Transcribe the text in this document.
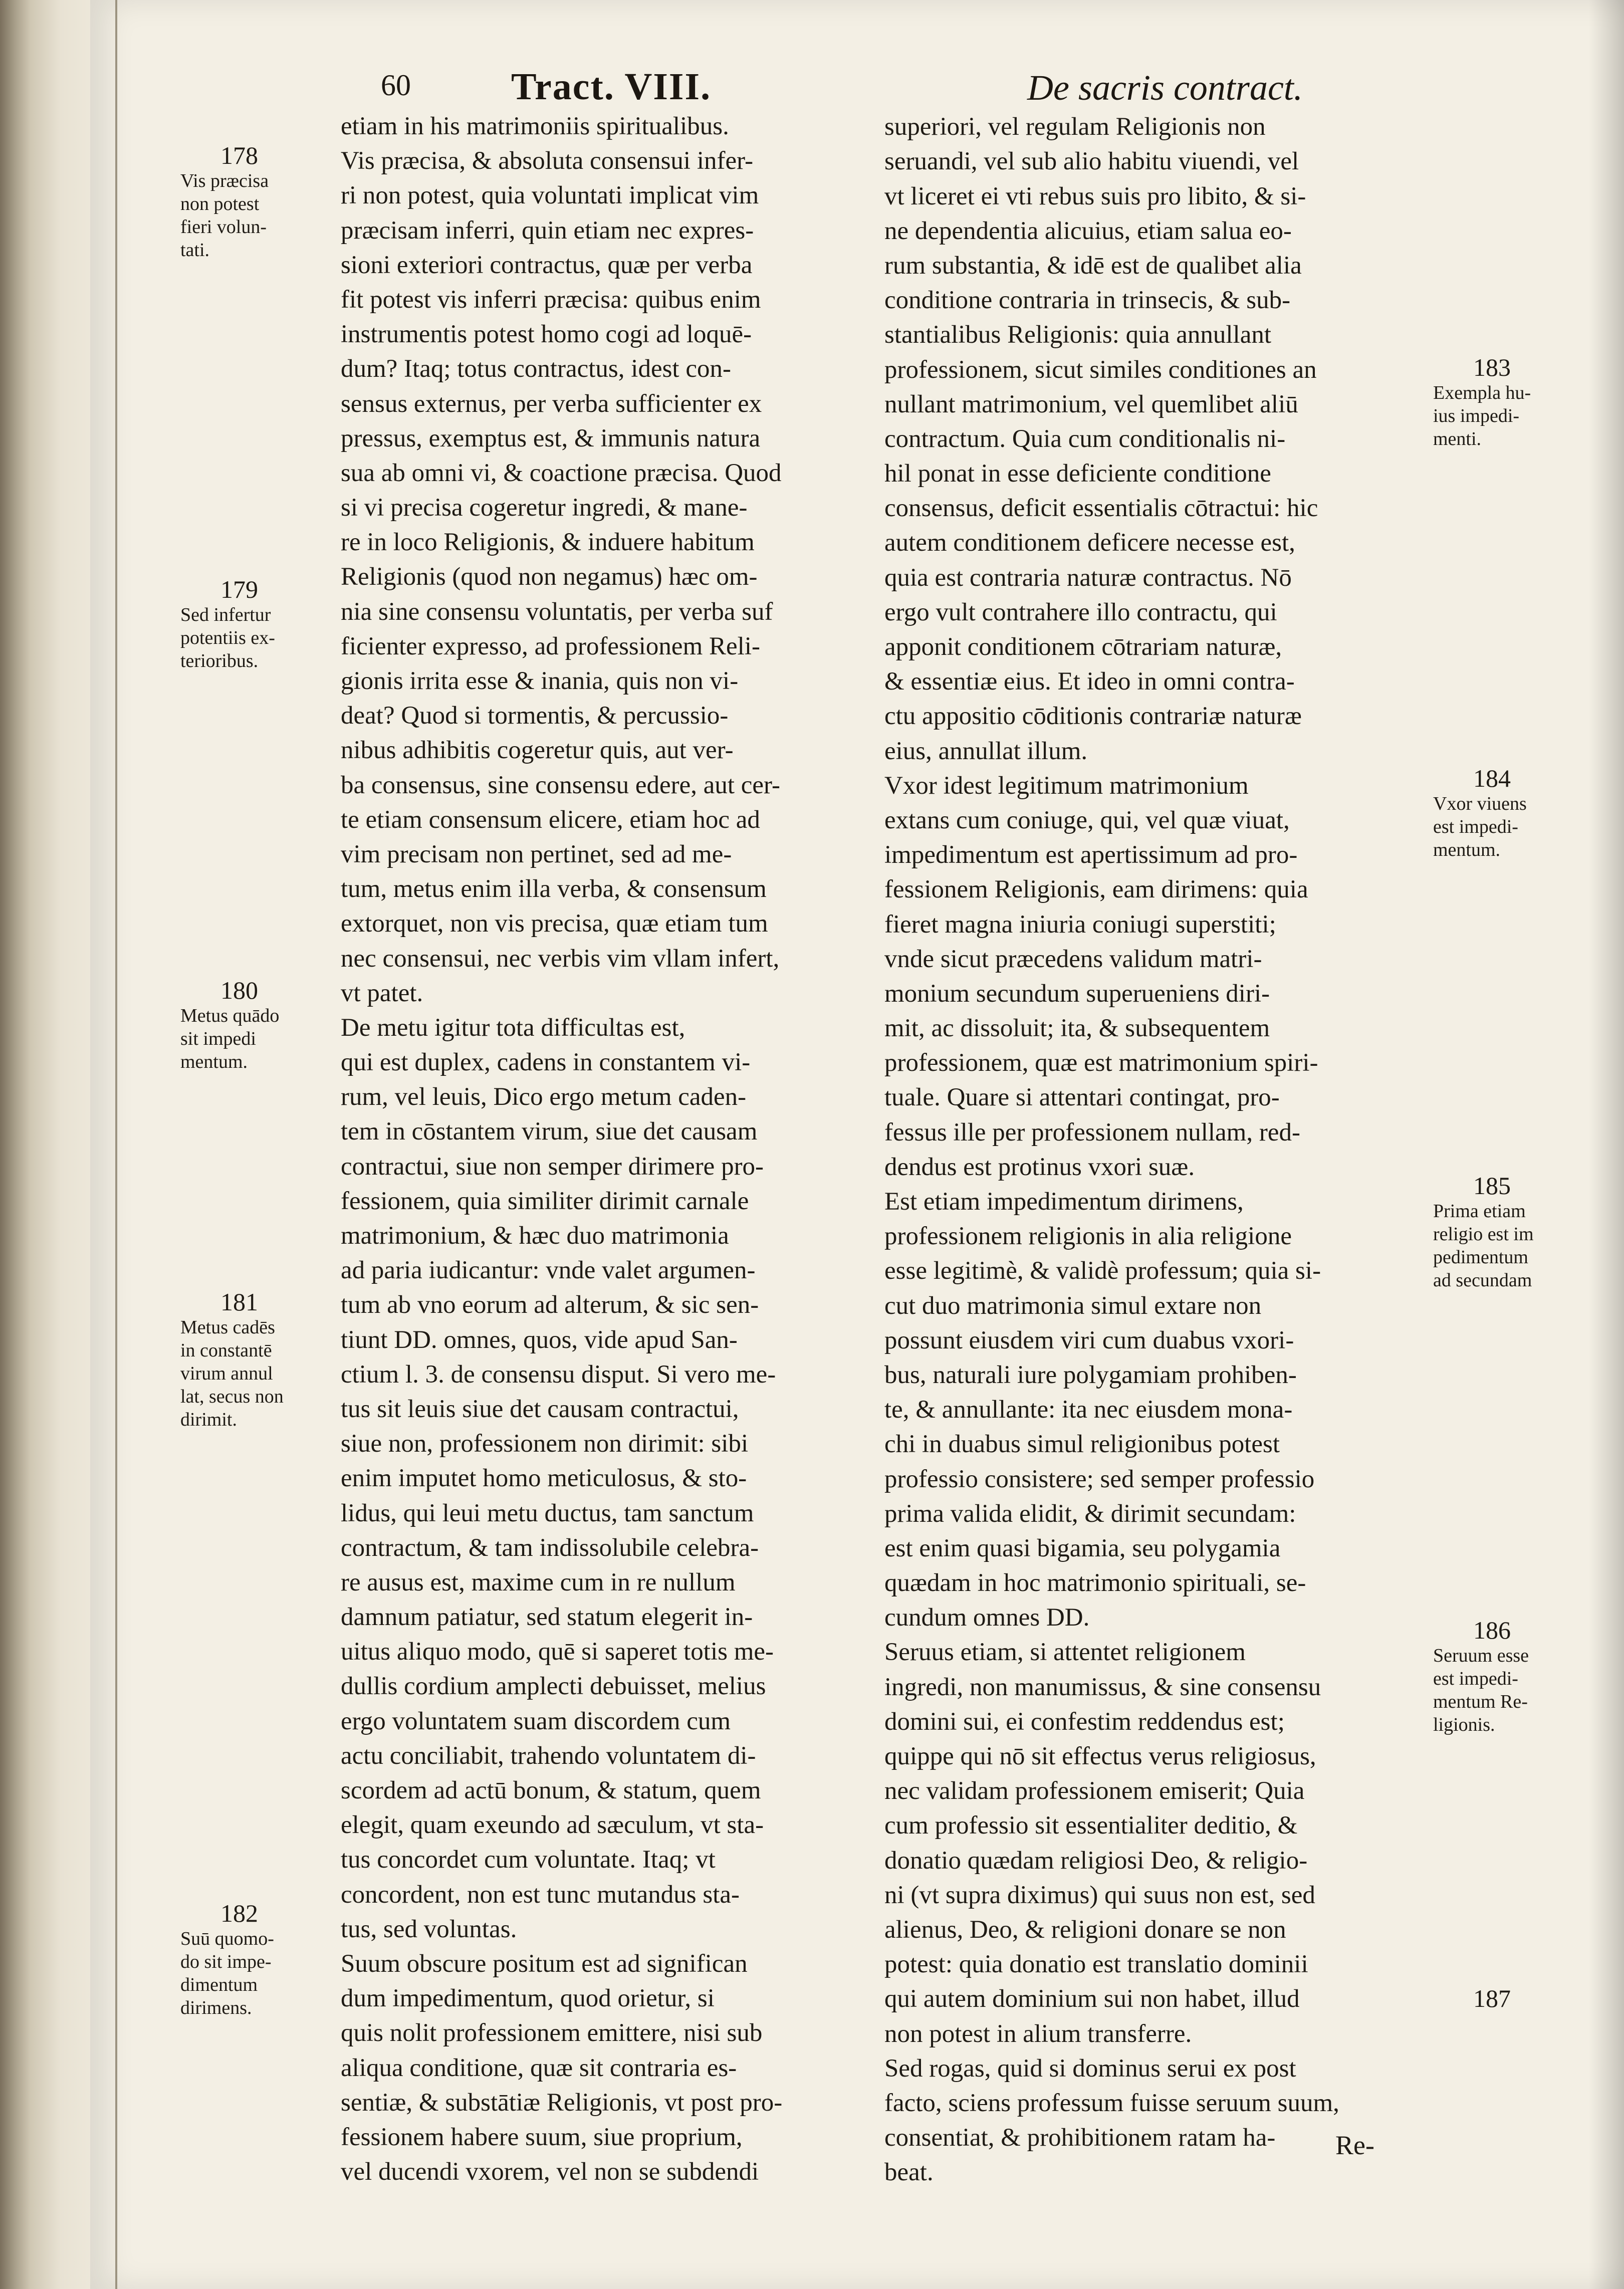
60	Tract. VIII.	De sacris contract.
etiam in his matrimoniis spiritualibus.
Vis præcisa, & absoluta consensui infer-
ri non potest, quia voluntati implicat vim
præcisam inferri, quin etiam nec expres-
sioni exteriori contractus, quæ per verba
fit potest vis inferri præcisa: quibus enim
instrumentis potest homo cogi ad loquē-
dum? Itaq; totus contractus, idest con-
sensus externus, per verba sufficienter ex
pressus, exemptus est, & immunis natura
sua ab omni vi, & coactione præcisa. Quod
si vi precisa cogeretur ingredi, & mane-
re in loco Religionis, & induere habitum
Religionis (quod non negamus) hæc om-
nia sine consensu voluntatis, per verba suf
ficienter expresso, ad professionem Reli-
gionis irrita esse & inania, quis non vi-
deat? Quod si tormentis, & percussio-
nibus adhibitis cogeretur quis, aut ver-
ba consensus, sine consensu edere, aut cer-
te etiam consensum elicere, etiam hoc ad
vim precisam non pertinet, sed ad me-
tum, metus enim illa verba, & consensum
extorquet, non vis precisa, quæ etiam tum
nec consensui, nec verbis vim vllam infert,
vt patet.
De metu igitur tota difficultas est,
qui est duplex, cadens in constantem vi-
rum, vel leuis, Dico ergo metum caden-
tem in cōstantem virum, siue det causam
contractui, siue non semper dirimere pro-
fessionem, quia similiter dirimit carnale
matrimonium, & hæc duo matrimonia
ad paria iudicantur: vnde valet argumen-
tum ab vno eorum ad alterum, & sic sen-
tiunt DD. omnes, quos, vide apud San-
ctium l. 3. de consensu disput. Si vero me-
tus sit leuis siue det causam contractui,
siue non, professionem non dirimit: sibi
enim imputet homo meticulosus, & sto-
lidus, qui leui metu ductus, tam sanctum
contractum, & tam indissolubile celebra-
re ausus est, maxime cum in re nullum
damnum patiatur, sed statum elegerit in-
uitus aliquo modo, quē si saperet totis me-
dullis cordium amplecti debuisset, melius
ergo voluntatem suam discordem cum
actu conciliabit, trahendo voluntatem di-
scordem ad actū bonum, & statum, quem
elegit, quam exeundo ad sæculum, vt sta-
tus concordet cum voluntate. Itaq; vt
concordent, non est tunc mutandus sta-
tus, sed voluntas.
Suum obscure positum est ad significan
dum impedimentum, quod orietur, si
quis nolit professionem emittere, nisi sub
aliqua conditione, quæ sit contraria es-
sentiæ, & substātiæ Religionis, vt post pro-
fessionem habere suum, siue proprium,
vel ducendi vxorem, vel non se subdendi
superiori, vel regulam Religionis non
seruandi, vel sub alio habitu viuendi, vel
vt liceret ei vti rebus suis pro libito, & si-
ne dependentia alicuius, etiam salua eo-
rum substantia, & idē est de qualibet alia
conditione contraria in trinsecis, & sub-
stantialibus Religionis: quia annullant
professionem, sicut similes conditiones an
nullant matrimonium, vel quemlibet aliū
contractum. Quia cum conditionalis ni-
hil ponat in esse deficiente conditione
consensus, deficit essentialis cōtractui: hic
autem conditionem deficere necesse est,
quia est contraria naturæ contractus. Nō
ergo vult contrahere illo contractu, qui
apponit conditionem cōtrariam naturæ,
& essentiæ eius. Et ideo in omni contra-
ctu appositio cōditionis contrariæ naturæ
eius, annullat illum.
Vxor idest legitimum matrimonium
extans cum coniuge, qui, vel quæ viuat,
impedimentum est apertissimum ad pro-
fessionem Religionis, eam dirimens: quia
fieret magna iniuria coniugi superstiti;
vnde sicut præcedens validum matri-
monium secundum superueniens diri-
mit, ac dissoluit; ita, & subsequentem
professionem, quæ est matrimonium spiri-
tuale. Quare si attentari contingat, pro-
fessus ille per professionem nullam, red-
dendus est protinus vxori suæ.
Est etiam impedimentum dirimens,
professionem religionis in alia religione
esse legitimè, & validè professum; quia si-
cut duo matrimonia simul extare non
possunt eiusdem viri cum duabus vxori-
bus, naturali iure polygamiam prohiben-
te, & annullante: ita nec eiusdem mona-
chi in duabus simul religionibus potest
professio consistere; sed semper professio
prima valida elidit, & dirimit secundam:
est enim quasi bigamia, seu polygamia
quædam in hoc matrimonio spirituali, se-
cundum omnes DD.
Seruus etiam, si attentet religionem
ingredi, non manumissus, & sine consensu
domini sui, ei confestim reddendus est;
quippe qui nō sit effectus verus religiosus,
nec validam professionem emiserit; Quia
cum professio sit essentialiter deditio, &
donatio quædam religiosi Deo, & religio-
ni (vt supra diximus) qui suus non est, sed
alienus, Deo, & religioni donare se non
potest: quia donatio est translatio dominii
qui autem dominium sui non habet, illud
non potest in alium transferre.
Sed rogas, quid si dominus serui ex post
facto, sciens professum fuisse seruum suum,
consentiat, & prohibitionem ratam ha-
beat.
178
Vis præcisa
non potest
fieri volun-
tati.
179
Sed infertur
potentiis ex-
terioribus.
180
Metus quādo
sit impedi
mentum.
181
Metus cadēs
in constantē
virum annul
lat, secus non
dirimit.
182
Suū quomo-
do sit impe-
dimentum
dirimens.
183
Exempla hu-
ius impedi-
menti.
184
Vxor viuens
est impedi-
mentum.
185
Prima etiam
religio est im
pedimentum
ad secundam
186
Seruum esse
est impedi-
mentum Re-
ligionis.
187
Re-
